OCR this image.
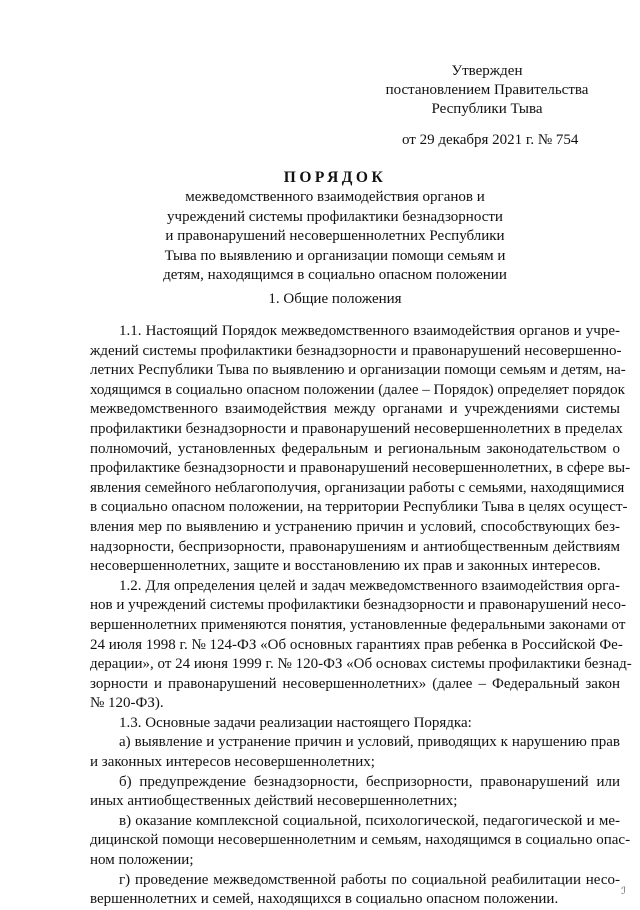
Утвержден
постановлением Правительства
Республики Тыва
от 29 декабря 2021 г. № 754
ПОРЯДОК
межведомственного взаимодействия органов и
учреждений системы профилактики безнадзорности
и правонарушений несовершеннолетних Республики
Тыва по выявлению и организации помощи семьям и
детям, находящимся в социально опасном положении
1. Общие положения
1.1. Настоящий Порядок межведомственного взаимодействия органов и учре-
ждений системы профилактики безнадзорности и правонарушений несовершенно-
летних Республики Тыва по выявлению и организации помощи семьям и детям, на-
ходящимся в социально опасном положении (далее – Порядок) определяет порядок
межведомственного взаимодействия между органами и учреждениями системы
профилактики безнадзорности и правонарушений несовершеннолетних в пределах
полномочий, установленных федеральным и региональным законодательством о
профилактике безнадзорности и правонарушений несовершеннолетних, в сфере вы-
явления семейного неблагополучия, организации работы с семьями, находящимися
в социально опасном положении, на территории Республики Тыва в целях осущест-
вления мер по выявлению и устранению причин и условий, способствующих без-
надзорности, беспризорности, правонарушениям и антиобщественным действиям
несовершеннолетних, защите и восстановлению их прав и законных интересов.
1.2. Для определения целей и задач межведомственного взаимодействия орга-
нов и учреждений системы профилактики безнадзорности и правонарушений несо-
вершеннолетних применяются понятия, установленные федеральными законами от
24 июля 1998 г. № 124-ФЗ «Об основных гарантиях прав ребенка в Российской Фе-
дерации», от 24 июня 1999 г. № 120-ФЗ «Об основах системы профилактики безнад-
зорности и правонарушений несовершеннолетних» (далее – Федеральный закон
№ 120-ФЗ).
1.3. Основные задачи реализации настоящего Порядка:
а) выявление и устранение причин и условий, приводящих к нарушению прав
и законных интересов несовершеннолетних;
б) предупреждение безнадзорности, беспризорности, правонарушений или
иных антиобщественных действий несовершеннолетних;
в) оказание комплексной социальной, психологической, педагогической и ме-
дицинской помощи несовершеннолетним и семьям, находящимся в социально опас-
ном положении;
г) проведение межведомственной работы по социальной реабилитации несо-
вершеннолетних и семей, находящихся в социально опасном положении.	ℐ
